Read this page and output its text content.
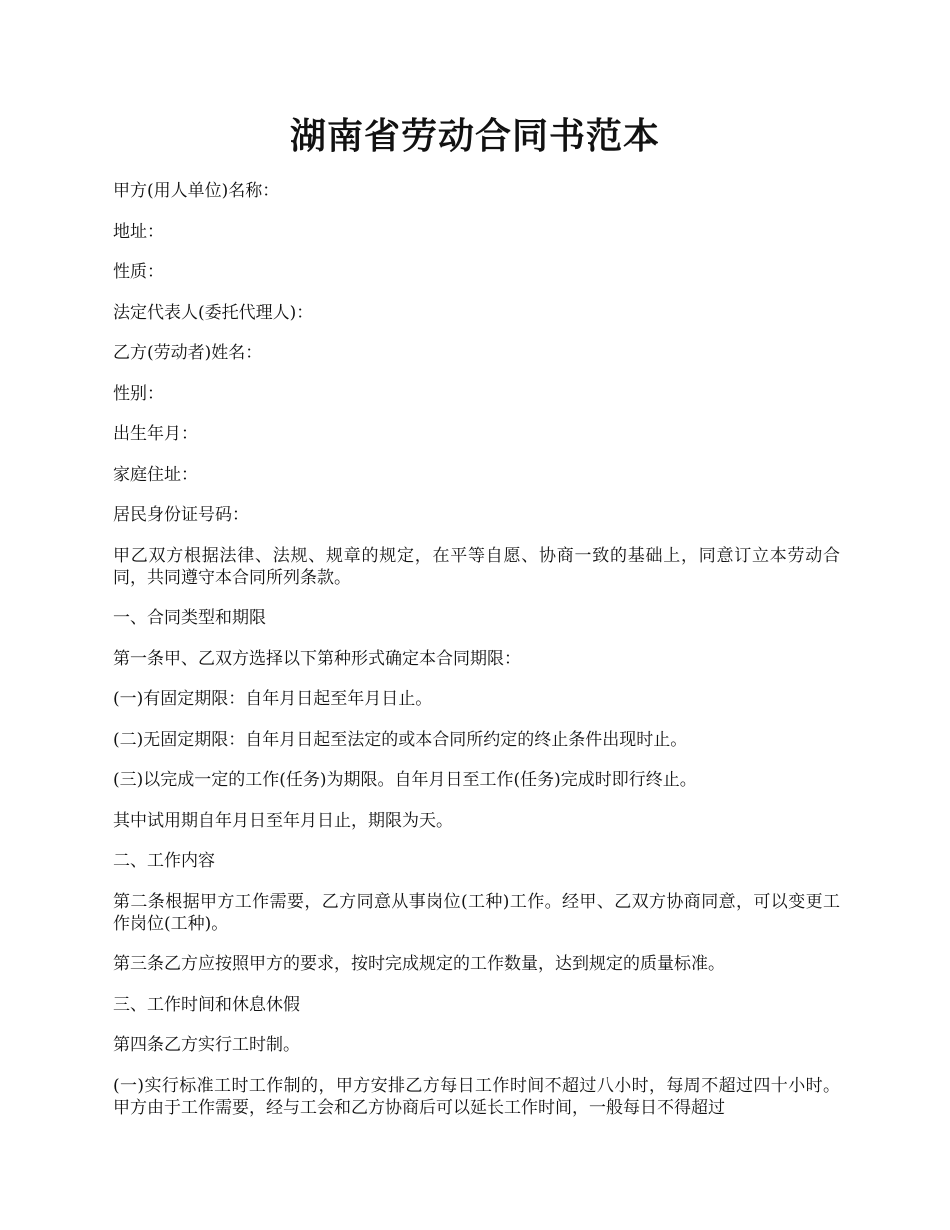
湖南省劳动合同书范本

甲方(用人单位)名称：

地址：

性质：

法定代表人(委托代理人)：

乙方(劳动者)姓名：

性别：

出生年月：

家庭住址：

居民身份证号码：

甲乙双方根据法律、法规、规章的规定，在平等自愿、协商一致的基础上，同意订立本劳动合同，共同遵守本合同所列条款。

一、合同类型和期限

第一条甲、乙双方选择以下第种形式确定本合同期限：

(一)有固定期限：自年月日起至年月日止。

(二)无固定期限：自年月日起至法定的或本合同所约定的终止条件出现时止。

(三)以完成一定的工作(任务)为期限。自年月日至工作(任务)完成时即行终止。

其中试用期自年月日至年月日止，期限为天。

二、工作内容

第二条根据甲方工作需要，乙方同意从事岗位(工种)工作。经甲、乙双方协商同意，可以变更工作岗位(工种)。

第三条乙方应按照甲方的要求，按时完成规定的工作数量，达到规定的质量标准。

三、工作时间和休息休假

第四条乙方实行工时制。

(一)实行标准工时工作制的，甲方安排乙方每日工作时间不超过八小时，每周不超过四十小时。甲方由于工作需要，经与工会和乙方协商后可以延长工作时间，一般每日不得超过
